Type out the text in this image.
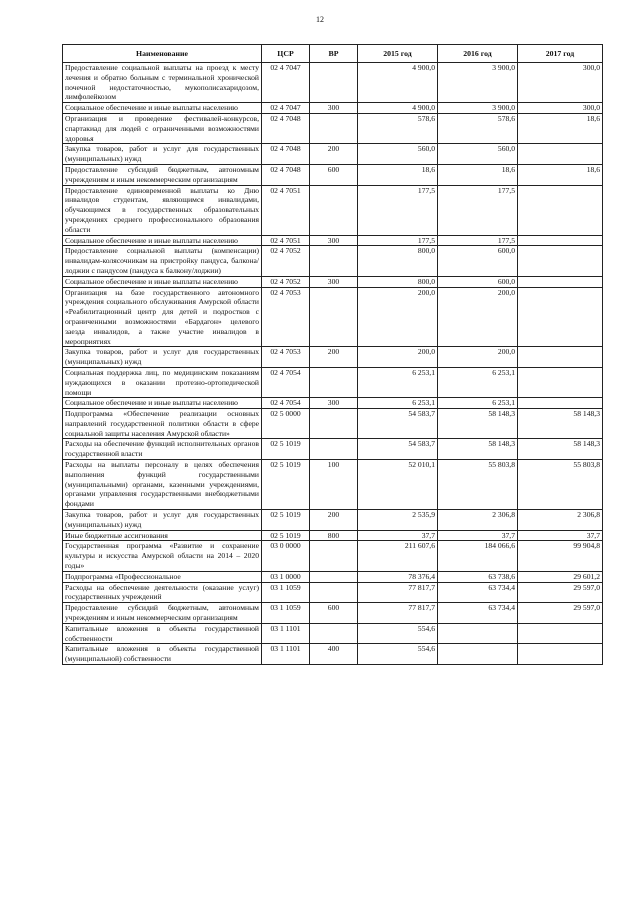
12
Наименование	ЦСР	ВР	2015 год	2016 год	2017 год
Предоставление социальной выплаты на проезд к месту лечения и обратно больным с терминальной хронической почечной недостаточностью, мукополисахаридозом, лимфолейкозом	02 4 7047		4 900,0	3 900,0	300,0
Социальное обеспечение и иные выплаты населению	02 4 7047	300	4 900,0	3 900,0	300,0
Организация и проведение фестивалей-конкурсов, спартакиад для людей с ограниченными возможностями здоровья	02 4 7048		578,6	578,6	18,6
Закупка товаров, работ и услуг для государственных (муниципальных) нужд	02 4 7048	200	560,0	560,0	
Предоставление субсидий бюджетным, автономным учреждениям и иным некоммерческим организациям	02 4 7048	600	18,6	18,6	18,6
Предоставление единовременной выплаты ко Дню инвалидов студентам, являющимся инвалидами, обучающимся в государственных образовательных учреждениях среднего профессионального образования области	02 4 7051		177,5	177,5	
Социальное обеспечение и иные выплаты населению	02 4 7051	300	177,5	177,5	
Предоставление социальной выплаты (компенсации) инвалидам-колясочникам на пристройку пандуса, балкона/лоджии с пандусом (пандуса к балкону/лоджии)	02 4 7052		800,0	600,0	
Социальное обеспечение и иные выплаты населению	02 4 7052	300	800,0	600,0	
Организация на базе государственного автономного учреждения социального обслуживания Амурской области «Реабилитационный центр для детей и подростков с ограниченными возможностями «Бардагон» целевого заезда инвалидов, а также участие инвалидов в мероприятиях	02 4 7053		200,0	200,0	
Закупка товаров, работ и услуг для государственных (муниципальных) нужд	02 4 7053	200	200,0	200,0	
Социальная поддержка лиц, по медицинским показаниям нуждающихся в оказании протезно-ортопедической помощи	02 4 7054		6 253,1	6 253,1	
Социальное обеспечение и иные выплаты населению	02 4 7054	300	6 253,1	6 253,1	
Подпрограмма «Обеспечение реализации основных направлений государственной политики области в сфере социальной защиты населения Амурской области»	02 5 0000		54 583,7	58 148,3	58 148,3
Расходы на обеспечение функций исполнительных органов государственной власти	02 5 1019		54 583,7	58 148,3	58 148,3
Расходы на выплаты персоналу в целях обеспечения выполнения функций государственными (муниципальными) органами, казенными учреждениями, органами управления государственными внебюджетными фондами	02 5 1019	100	52 010,1	55 803,8	55 803,8
Закупка товаров, работ и услуг для государственных (муниципальных) нужд	02 5 1019	200	2 535,9	2 306,8	2 306,8
Иные бюджетные ассигнования	02 5 1019	800	37,7	37,7	37,7
Государственная программа «Развитие и сохранение культуры и искусства Амурской области на 2014 – 2020 годы»	03 0 0000		211 607,6	184 066,6	99 904,8
Подпрограмма «Профессиональное	03 1 0000		78 376,4	63 738,6	29 601,2
Расходы на обеспечение деятельности (оказание услуг) государственных учреждений	03 1 1059		77 817,7	63 734,4	29 597,0
Предоставление субсидий бюджетным, автономным учреждениям и иным некоммерческим организациям	03 1 1059	600	77 817,7	63 734,4	29 597,0
Капитальные вложения в объекты государственной собственности	03 1 1101		554,6		
Капитальные вложения в объекты государственной (муниципальной) собственности	03 1 1101	400	554,6		
